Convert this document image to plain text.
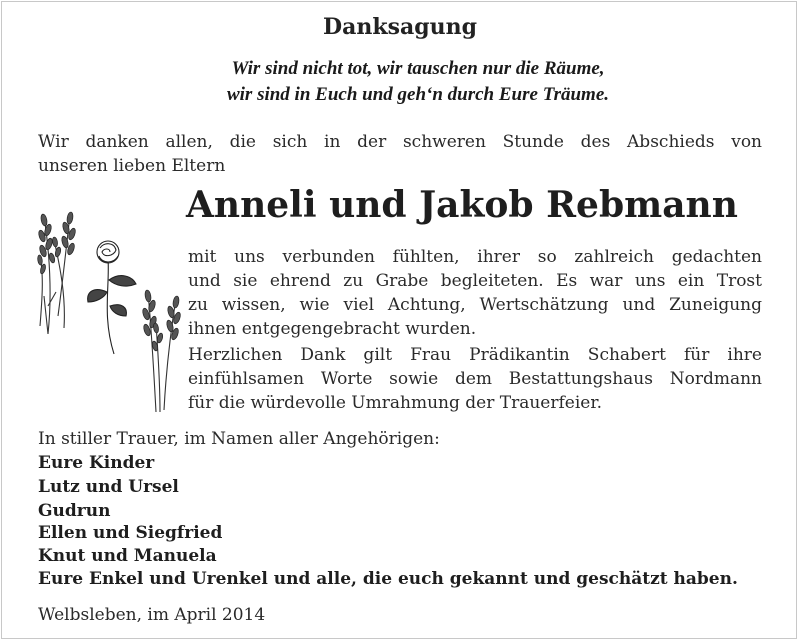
Danksagung
Wir sind nicht tot, wir tauschen nur die Räume,
wir sind in Euch und geh‘n durch Eure Träume.
Wir danken allen, die sich in der schweren Stunde des Abschieds von
unseren lieben Eltern
Anneli und Jakob Rebmann
mit uns verbunden fühlten, ihrer so zahlreich gedachten
und sie ehrend zu Grabe begleiteten. Es war uns ein Trost
zu wissen, wie viel Achtung, Wertschätzung und Zuneigung
ihnen entgegengebracht wurden.
Herzlichen Dank gilt Frau Prädikantin Schabert für ihre
einfühlsamen Worte sowie dem Bestattungshaus Nordmann
für die würdevolle Umrahmung der Trauerfeier.
In stiller Trauer, im Namen aller Angehörigen:
Eure Kinder
Lutz und Ursel
Gudrun
Ellen und Siegfried
Knut und Manuela
Eure Enkel und Urenkel und alle, die euch gekannt und geschätzt haben.
Welbsleben, im April 2014
